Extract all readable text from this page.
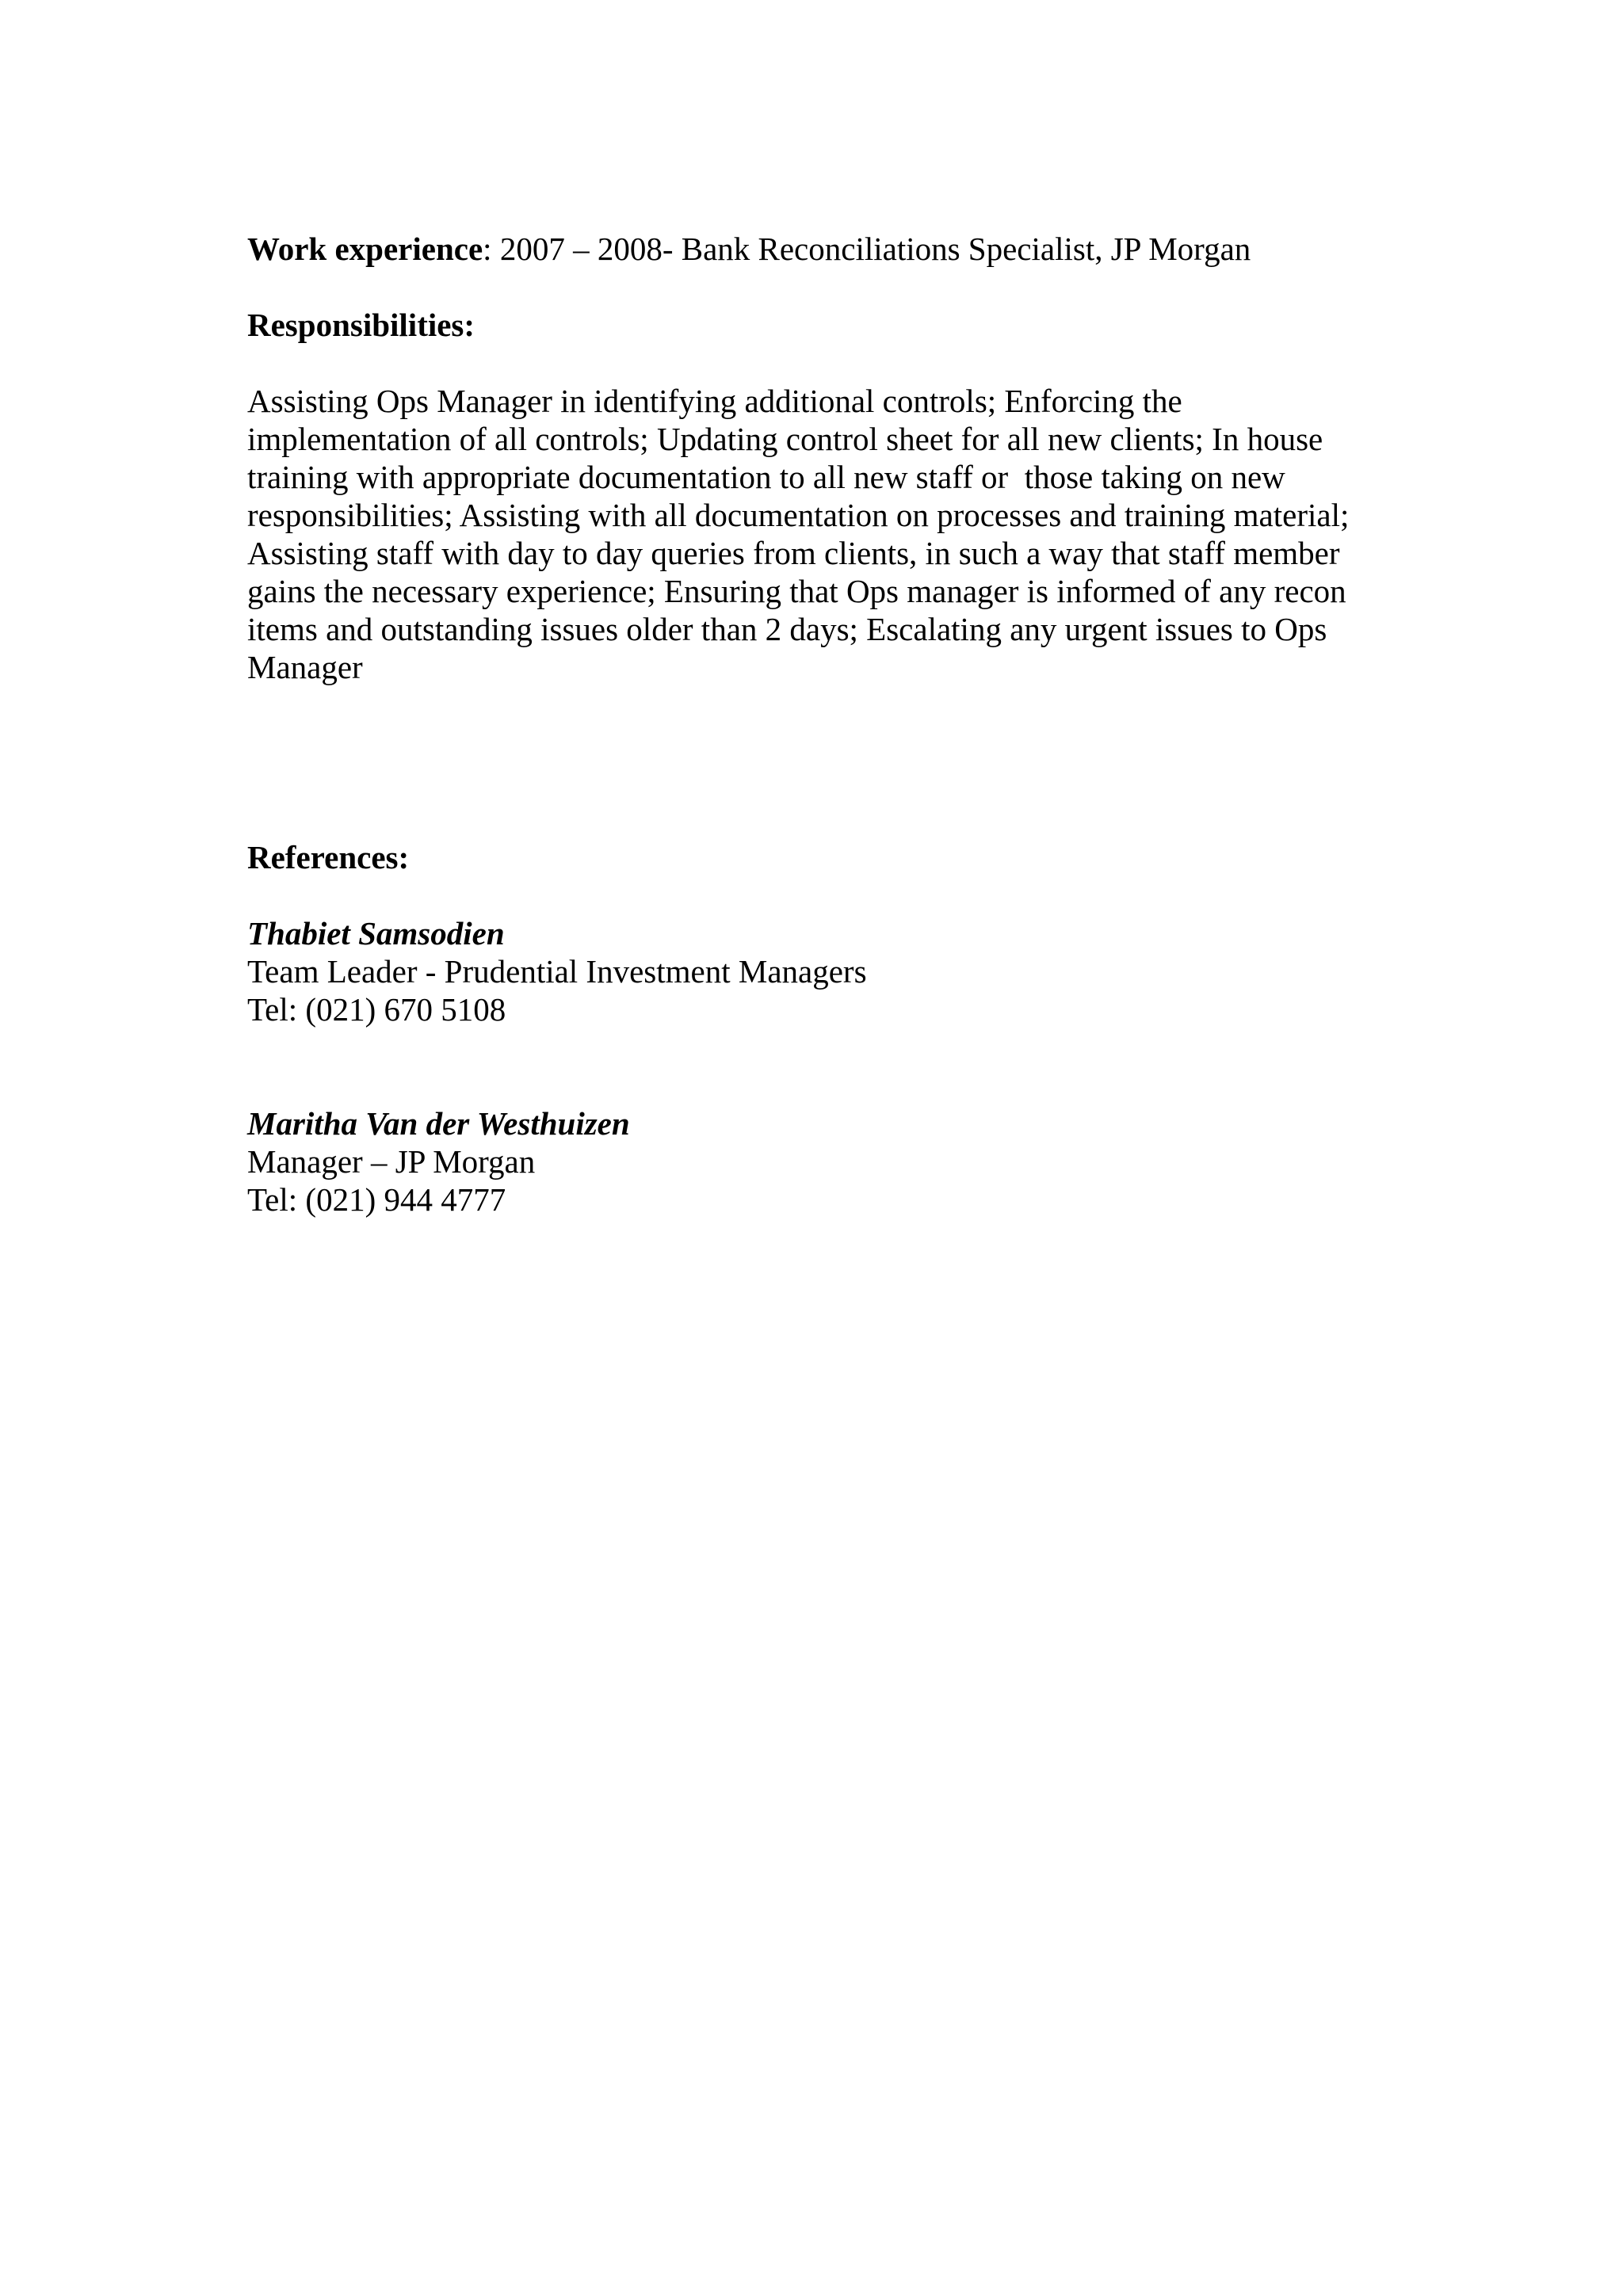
Work experience: 2007 – 2008- Bank Reconciliations Specialist, JP Morgan

Responsibilities:

Assisting Ops Manager in identifying additional controls; Enforcing the
implementation of all controls; Updating control sheet for all new clients; In house
training with appropriate documentation to all new staff or  those taking on new
responsibilities; Assisting with all documentation on processes and training material;
Assisting staff with day to day queries from clients, in such a way that staff member
gains the necessary experience; Ensuring that Ops manager is informed of any recon
items and outstanding issues older than 2 days; Escalating any urgent issues to Ops
Manager

References:

Thabiet Samsodien

Team Leader - Prudential Investment Managers

Tel: (021) 670 5108

Maritha Van der Westhuizen

Manager – JP Morgan

Tel: (021) 944 4777
